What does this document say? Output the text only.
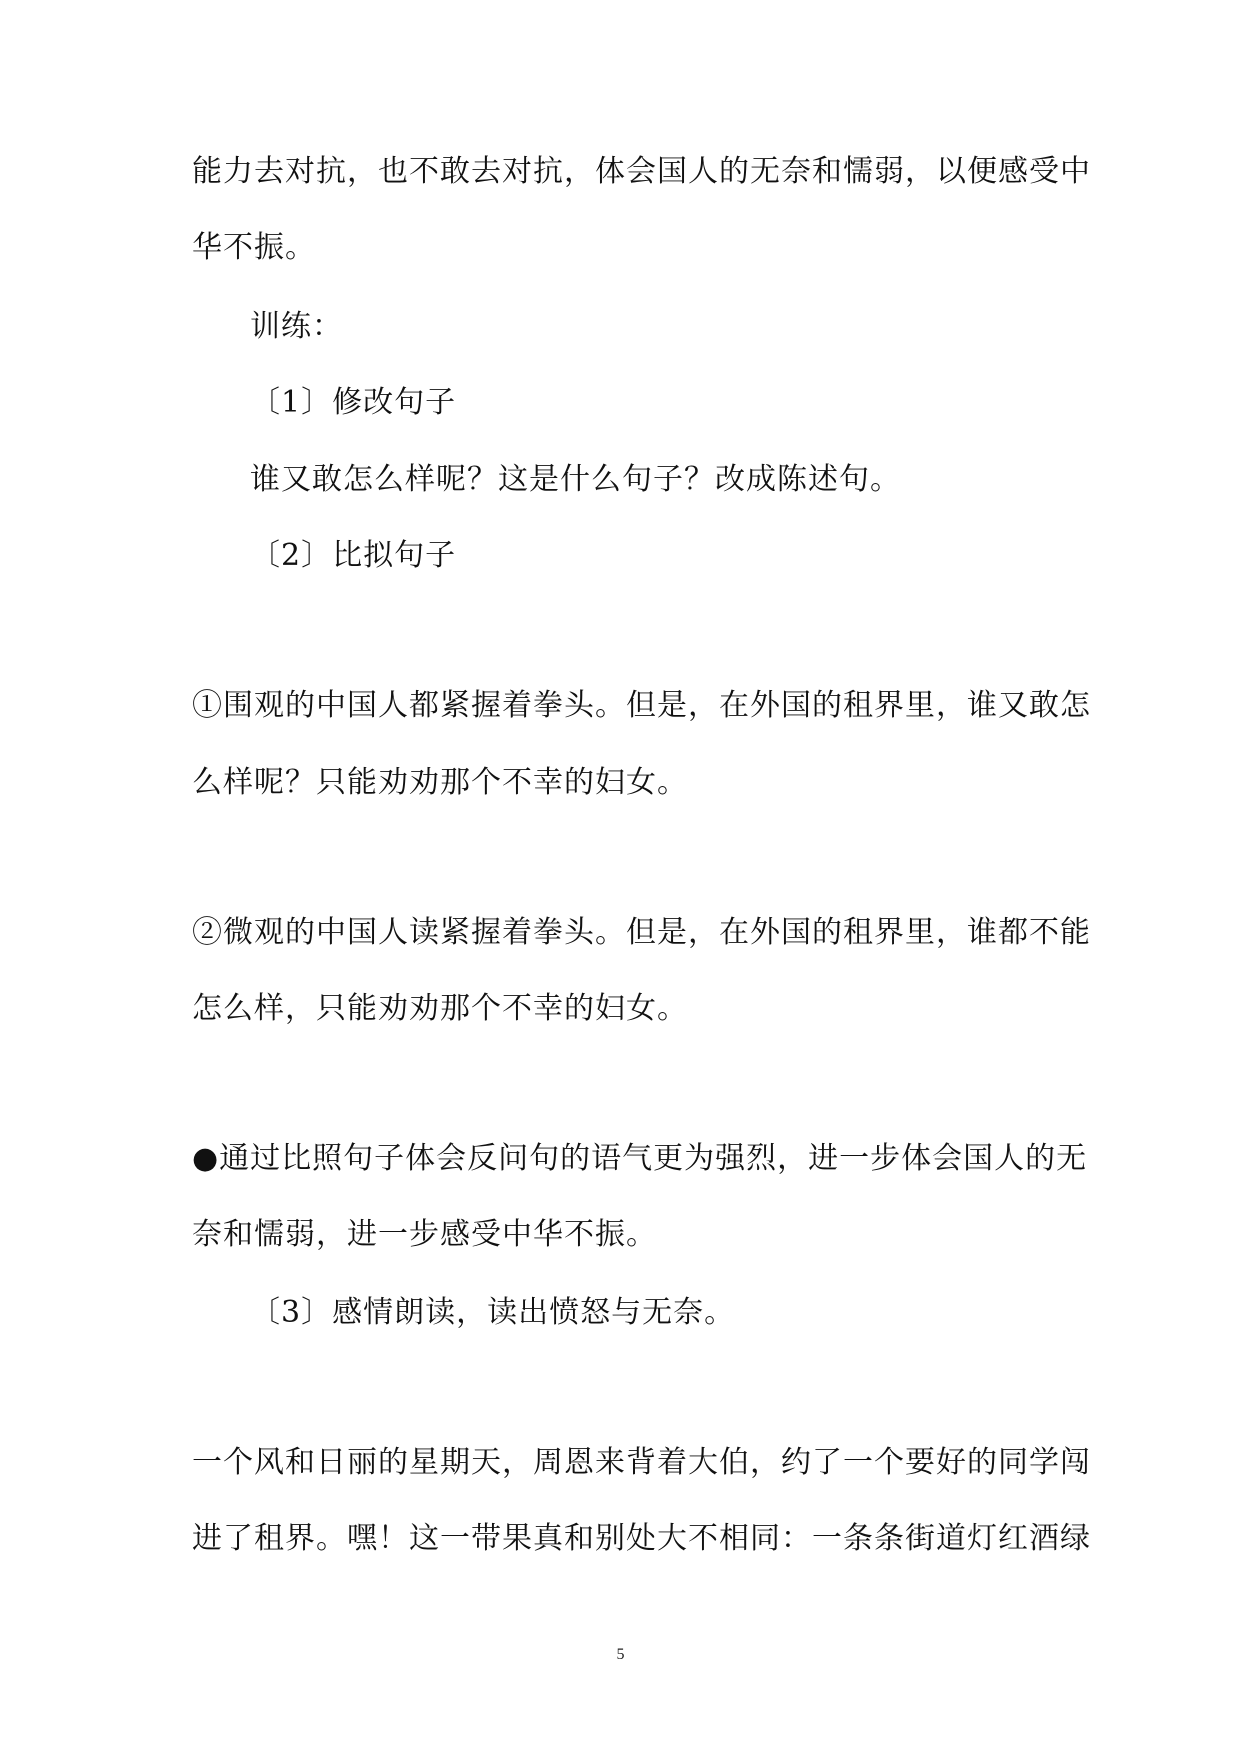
能力去对抗，也不敢去对抗，体会国人的无奈和懦弱，以便感受中
华不振。
训练：
〔1〕修改句子
谁又敢怎么样呢？这是什么句子？改成陈述句。
〔2〕比拟句子
①围观的中国人都紧握着拳头。但是，在外国的租界里，谁又敢怎
么样呢？只能劝劝那个不幸的妇女。
②微观的中国人读紧握着拳头。但是，在外国的租界里，谁都不能
怎么样，只能劝劝那个不幸的妇女。
●通过比照句子体会反问句的语气更为强烈，进一步体会国人的无
奈和懦弱，进一步感受中华不振。
〔3〕感情朗读，读出愤怒与无奈。
一个风和日丽的星期天，周恩来背着大伯，约了一个要好的同学闯
进了租界。嘿！这一带果真和别处大不相同：一条条街道灯红酒绿
5
